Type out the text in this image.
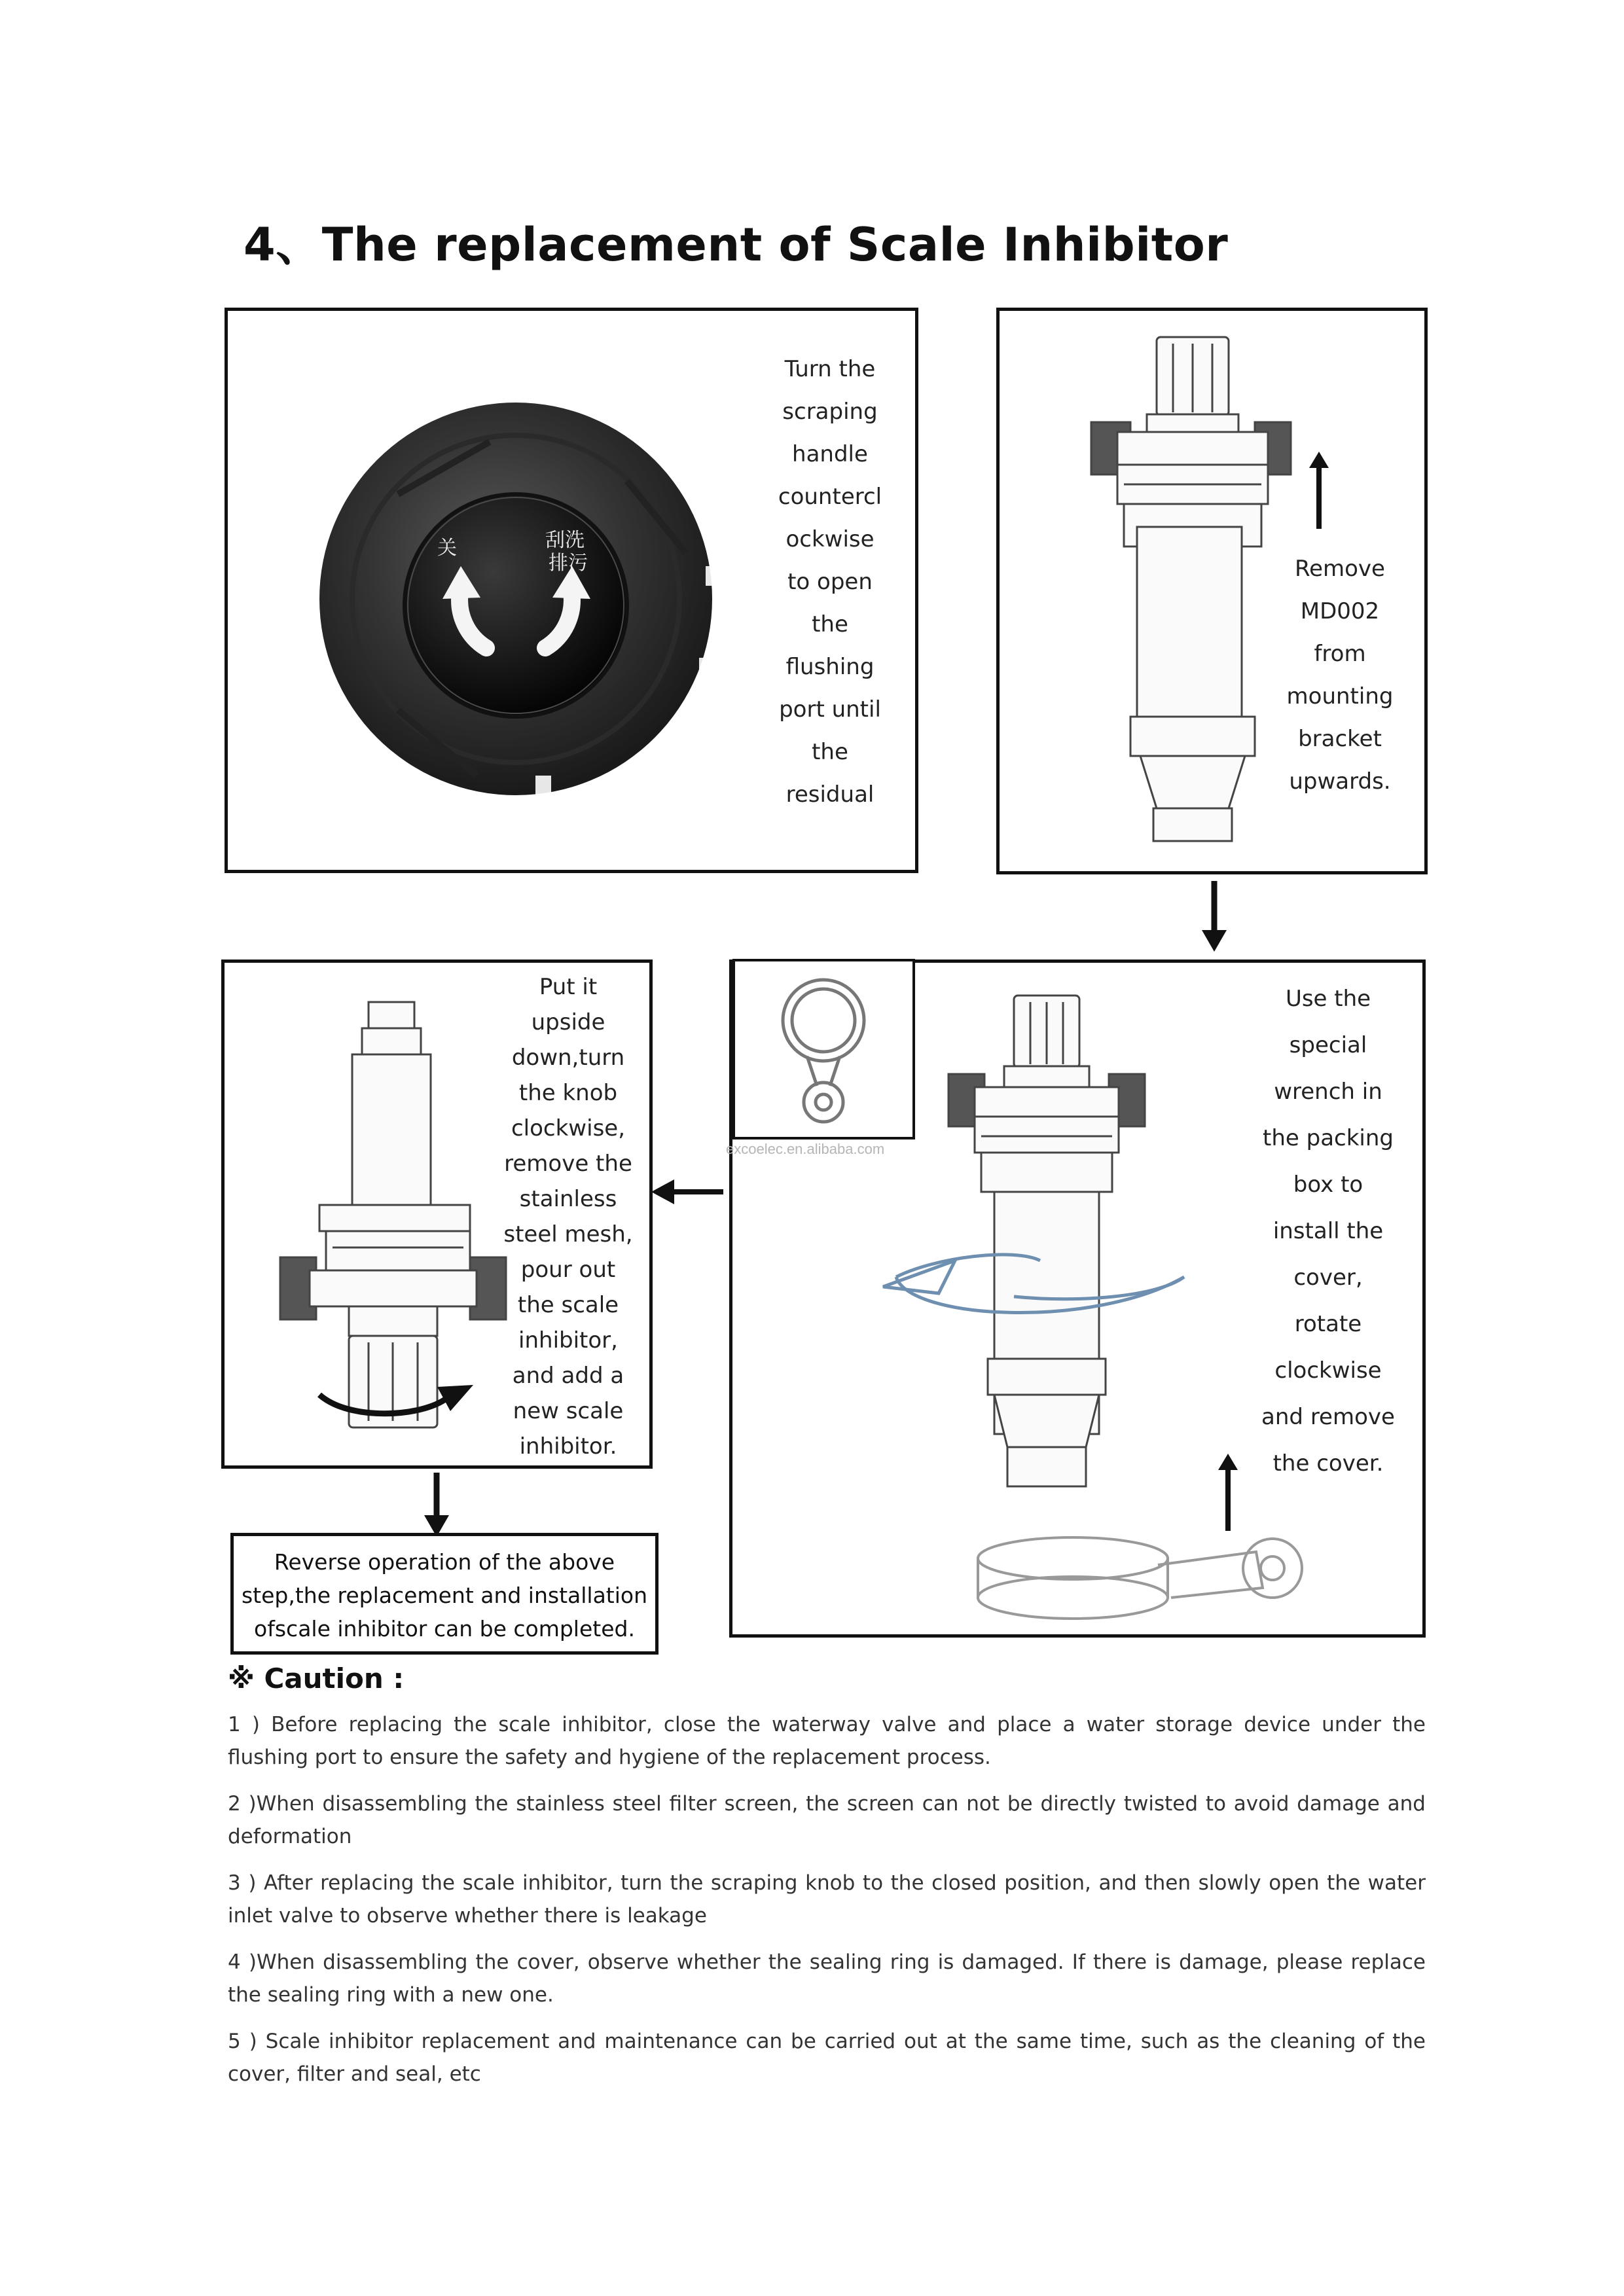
4、The replacement of Scale Inhibitor
关	刮洗
排污
Turn the
scraping
handle
countercl
ockwise
to open
the
flushing
port until
the
residual
Remove
MD002
from
mounting
bracket
upwards.
excoelec.en.alibaba.com
Use the
special
wrench in
the packing
box to
install the
cover,
rotate
clockwise
and remove
the cover.
Put it
upside
down,turn
the knob
clockwise,
remove the
stainless
steel mesh,
pour out
the scale
inhibitor,
and add a
new scale
inhibitor.
Reverse operation of the above step,the replacement and installation ofscale inhibitor can be completed.
※ Caution :
1 ) Before replacing the scale inhibitor, close the waterway valve and place a water storage device under the flushing port to ensure the safety and hygiene of the replacement process.
2 )When disassembling the stainless steel filter screen, the screen can not be directly twisted to avoid damage and deformation
3 ) After replacing the scale inhibitor, turn the scraping knob to the closed position, and then slowly open the water inlet valve to observe whether there is leakage
4 )When disassembling the cover, observe whether the sealing ring is damaged. If there is damage, please replace the sealing ring with a new one.
5 ) Scale inhibitor replacement and maintenance can be carried out at the same time, such as the cleaning of the cover, filter and seal, etc
